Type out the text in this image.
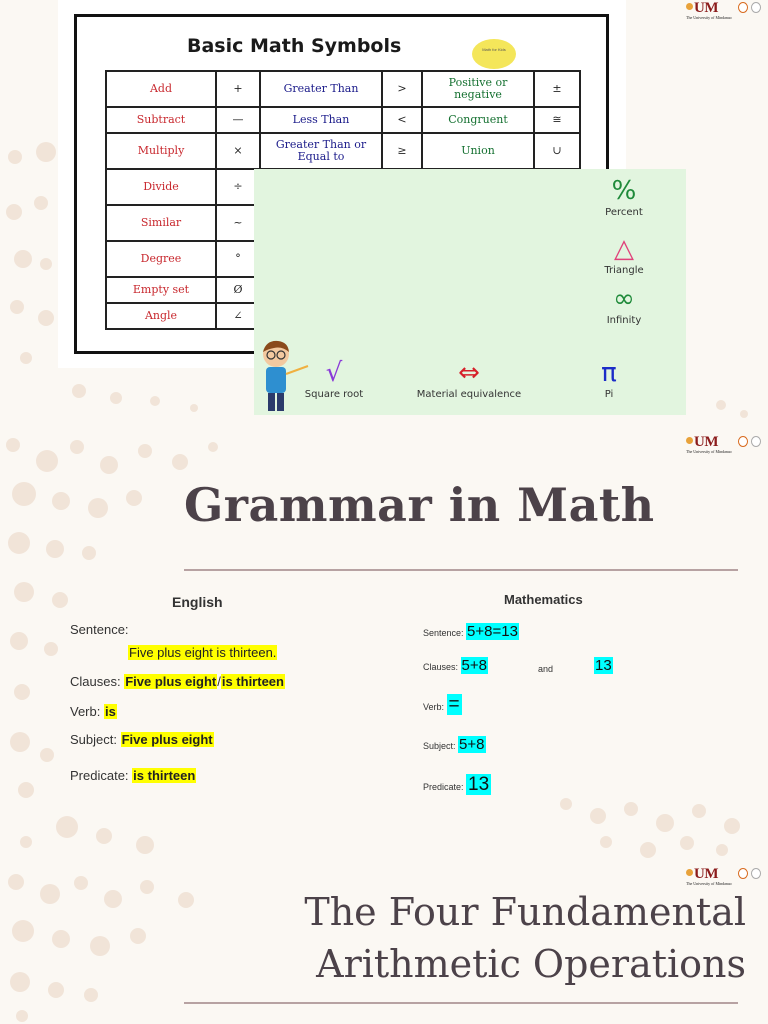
UM
The University of Mindanao
Basic Math Symbols	Math for Kids
Add	+	Greater Than	>	Positive or negative	±
Subtract	—	Less Than	<	Congruent	≅
Multiply	×	Greater Than or Equal to	≥	Union	∪
Divide	÷				
Similar	~				
Degree	°				
Empty set	Ø				
Angle	∠				
%
Percent
△
Triangle
∞
Infinity
√
Square root
⇔
Material equivalence
π
Pi
UM
The University of Mindanao
Grammar in Math
English
Sentence:
Five plus eight is thirteen.
Clauses: Five plus eight/is thirteen
Verb: is
Subject: Five plus eight
Predicate: is thirteen
Mathematics
Sentence: 5+8=13
Clauses: 5+8	and	13
Verb: =
Subject: 5+8
Predicate: 13
UM
The University of Mindanao
The Four Fundamental
Arithmetic Operations
